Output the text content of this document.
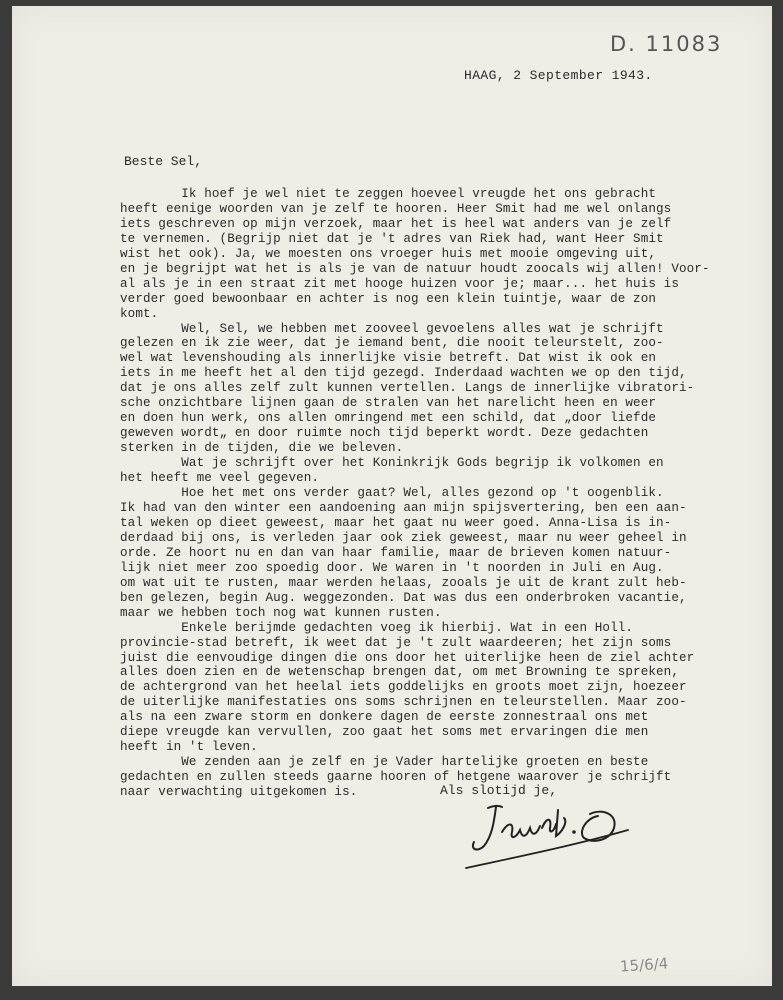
D. 11083
HAAG, 2 September 1943.
Beste Sel,

Ik hoef je wel niet te zeggen hoeveel vreugde het ons gebracht
heeft eenige woorden van je zelf te hooren. Heer Smit had me wel onlangs
iets geschreven op mijn verzoek, maar het is heel wat anders van je zelf
te vernemen. (Begrijp niet dat je 't adres van Riek had, want Heer Smit
wist het ook). Ja, we moesten ons vroeger huis met mooie omgeving uit,
en je begrijpt wat het is als je van de natuur houdt zoocals wij allen! Voor-
al als je in een straat zit met hooge huizen voor je; maar... het huis is
verder goed bewoonbaar en achter is nog een klein tuintje, waar de zon
komt.
Wel, Sel, we hebben met zooveel gevoelens alles wat je schrijft
gelezen en ik zie weer, dat je iemand bent, die nooit teleurstelt, zoo-
wel wat levenshouding als innerlijke visie betreft. Dat wist ik ook en
iets in me heeft het al den tijd gezegd. Inderdaad wachten we op den tijd,
dat je ons alles zelf zult kunnen vertellen. Langs de innerlijke vibratori-
sche onzichtbare lijnen gaan de stralen van het narelicht heen en weer
en doen hun werk, ons allen omringend met een schild, dat „door liefde
geweven wordt„ en door ruimte noch tijd beperkt wordt. Deze gedachten
sterken in de tijden, die we beleven.
Wat je schrijft over het Koninkrijk Gods begrijp ik volkomen en
het heeft me veel gegeven.
Hoe het met ons verder gaat? Wel, alles gezond op 't oogenblik.
Ik had van den winter een aandoening aan mijn spijsvertering, ben een aan-
tal weken op dieet geweest, maar het gaat nu weer goed. Anna-Lisa is in-
derdaad bij ons, is verleden jaar ook ziek geweest, maar nu weer geheel in
orde. Ze hoort nu en dan van haar familie, maar de brieven komen natuur-
lijk niet meer zoo spoedig door. We waren in 't noorden in Juli en Aug.
om wat uit te rusten, maar werden helaas, zooals je uit de krant zult heb-
ben gelezen, begin Aug. weggezonden. Dat was dus een onderbroken vacantie,
maar we hebben toch nog wat kunnen rusten.
Enkele berijmde gedachten voeg ik hierbij. Wat in een Holl.
provincie-stad betreft, ik weet dat je 't zult waardeeren; het zijn soms
juist die eenvoudige dingen die ons door het uiterlijke heen de ziel achter
alles doen zien en de wetenschap brengen dat, om met Browning te spreken,
de achtergrond van het heelal iets goddelijks en groots moet zijn, hoezeer
de uiterlijke manifestaties ons soms schrijnen en teleurstellen. Maar zoo-
als na een zware storm en donkere dagen de eerste zonnestraal ons met
diepe vreugde kan vervullen, zoo gaat het soms met ervaringen die men
heeft in 't leven.
We zenden aan je zelf en je Vader hartelijke groeten en beste
gedachten en zullen steeds gaarne hooren of hetgene waarover je schrijft
naar verwachting uitgekomen is.	Als slotijd je,
15/6/4
